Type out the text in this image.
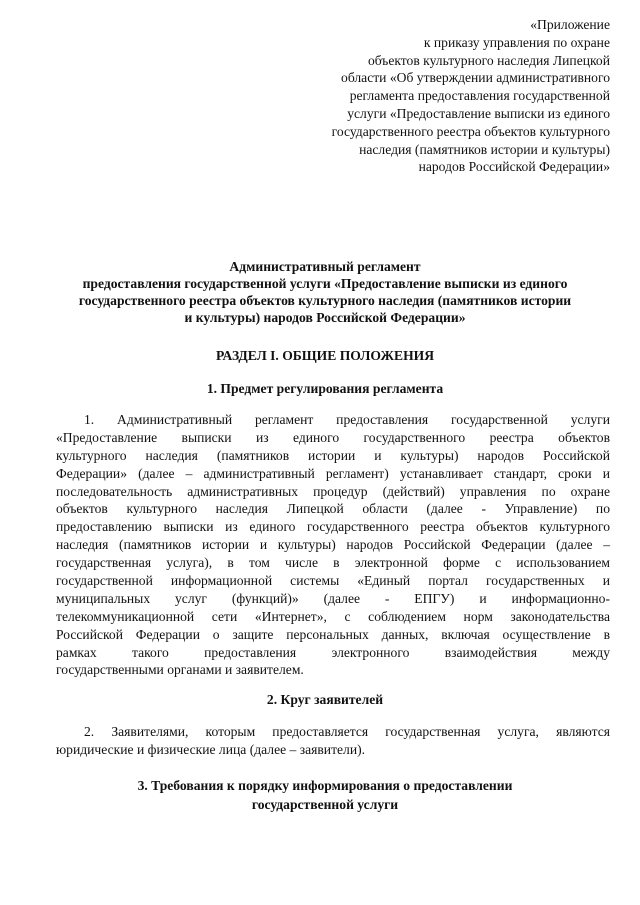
«Приложение
к приказу управления по охране
объектов культурного наследия Липецкой
области «Об утверждении административного
регламента предоставления государственной
услуги «Предоставление выписки из единого
государственного реестра объектов культурного
наследия (памятников истории и культуры)
народов Российской Федерации»
Административный регламент
предоставления государственной услуги «Предоставление выписки из единого
государственного реестра объектов культурного наследия (памятников истории
и культуры) народов Российской Федерации»
РАЗДЕЛ I. ОБЩИЕ ПОЛОЖЕНИЯ
1. Предмет регулирования регламента
1. Административный регламент предоставления государственной услуги
«Предоставление выписки из единого государственного реестра объектов
культурного наследия (памятников истории и культуры) народов Российской
Федерации» (далее – административный регламент) устанавливает стандарт, сроки и
последовательность административных процедур (действий) управления по охране
объектов культурного наследия Липецкой области (далее - Управление) по
предоставлению выписки из единого государственного реестра объектов культурного
наследия (памятников истории и культуры) народов Российской Федерации (далее –
государственная услуга), в том числе в электронной форме с использованием
государственной информационной системы «Единый портал государственных и
муниципальных услуг (функций)» (далее - ЕПГУ) и информационно-
телекоммуникационной сети «Интернет», с соблюдением норм законодательства
Российской Федерации о защите персональных данных, включая осуществление в
рамках такого предоставления электронного взаимодействия между
государственными органами и заявителем.
2. Круг заявителей
2. Заявителями, которым предоставляется государственная услуга, являются
юридические и физические лица (далее – заявители).
3. Требования к порядку информирования о предоставлении
государственной услуги
